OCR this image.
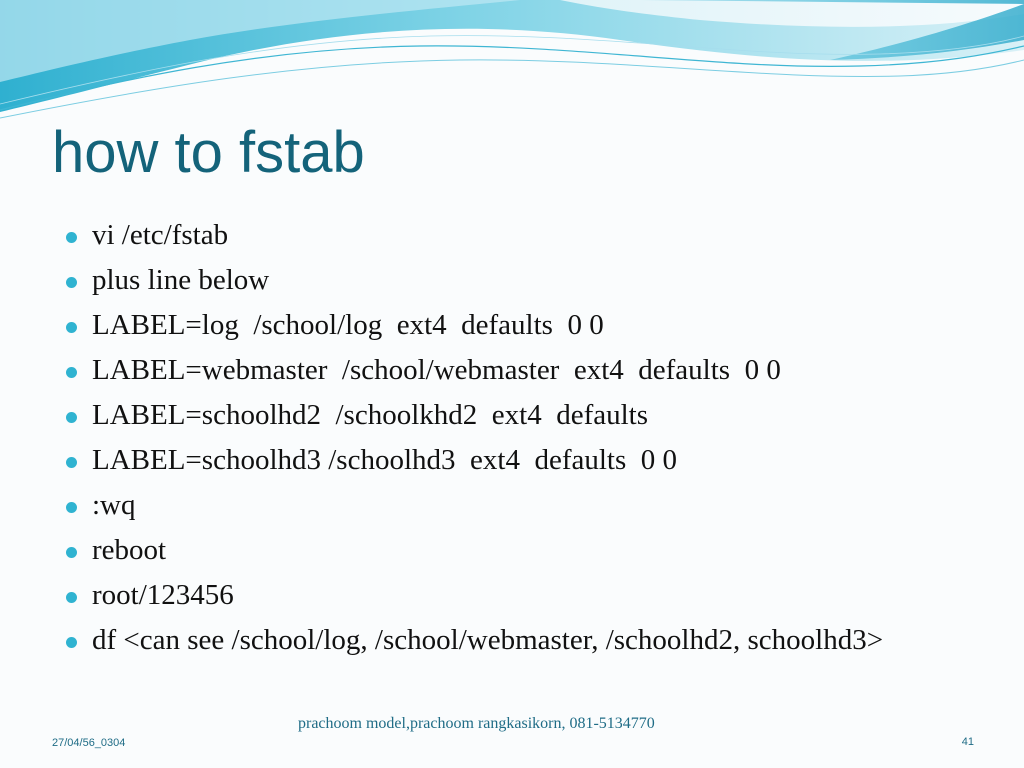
how to fstab
vi /etc/fstab
plus line below
LABEL=log  /school/log  ext4  defaults  0 0
LABEL=webmaster  /school/webmaster  ext4  defaults  0 0
LABEL=schoolhd2  /schoolkhd2  ext4  defaults
LABEL=schoolhd3 /schoolhd3  ext4  defaults  0 0
:wq
reboot
root/123456
df <can see /school/log, /school/webmaster, /schoolhd2, schoolhd3>
27/04/56_0304
prachoom model,prachoom rangkasikorn, 081-5134770
41
